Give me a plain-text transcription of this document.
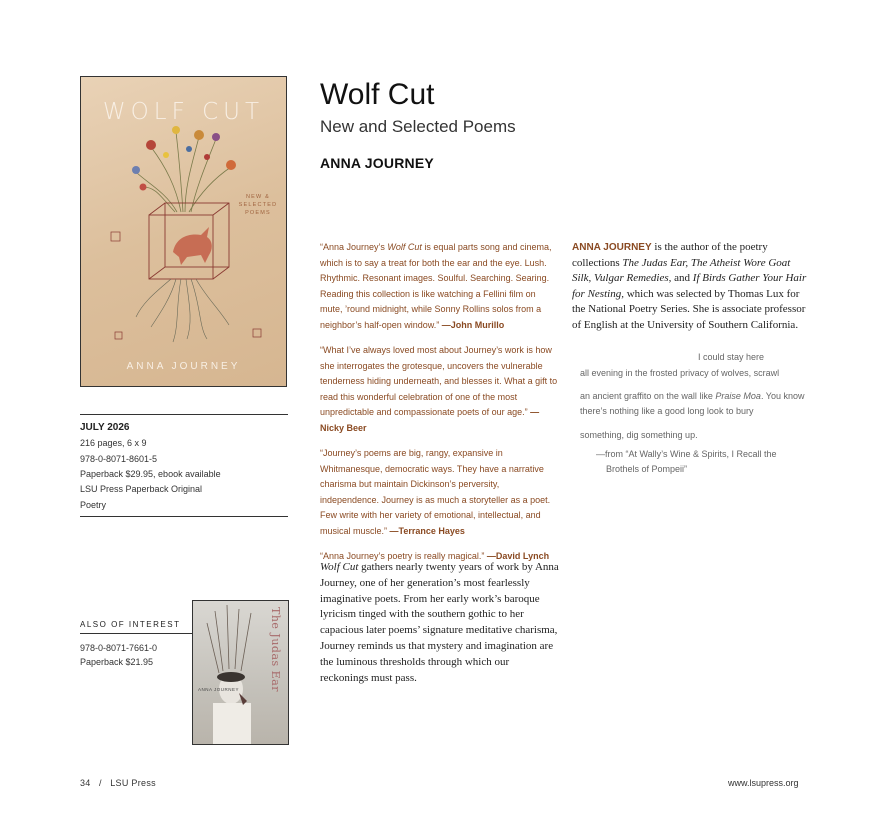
WOLF CUT
NEW &
SELECTED
POEMS
ANNA JOURNEY
JULY 2026
216 pages, 6 x 9
978-0-8071-8601-5
Paperback $29.95, ebook available
LSU Press Paperback Original
Poetry
ALSO OF INTEREST
978-0-8071-7661-0
Paperback $21.95	The Judas Ear
ANNA JOURNEY
Wolf Cut
New and Selected Poems
ANNA JOURNEY

“Anna Journey’s Wolf Cut is equal parts song and cinema, which is to say a treat for both the ear and the eye. Lush. Rhythmic. Resonant images. Soulful. Searching. Searing. Reading this collection is like watching a Fellini film on mute, ’round midnight, while Sonny Rollins solos from a neighbor’s half-open window.” —John Murillo

“What I’ve always loved most about Journey’s work is how she interrogates the grotesque, uncovers the vulnerable tenderness hiding underneath, and blesses it. What a gift to read this wonderful celebration of one of the most unpredictable and compassionate poets of our age.” —Nicky Beer

“Journey’s poems are big, rangy, expansive in Whitmanesque, democratic ways. They have a narrative charisma but maintain Dickinson’s perversity, independence. Journey is as much a storyteller as a poet. Few write with her variety of emotional, intellectual, and musical muscle.” —Terrance Hayes

“Anna Journey’s poetry is really magical.” —David Lynch

Wolf Cut gathers nearly twenty years of work by Anna Journey, one of her generation’s most fearlessly imaginative poets. From her early work’s baroque lyricism tinged with the southern gothic to her capacious later poems’ signature meditative charisma, Journey reminds us that mystery and imagination are the luminous thresholds through which our reckonings must pass.
ANNA JOURNEY is the author of the poetry collections The Judas Ear, The Atheist Wore Goat Silk, Vulgar Remedies, and If Birds Gather Your Hair for Nesting, which was selected by Thomas Lux for the National Poetry Series. She is associate professor of English at the University of Southern California.
I could stay here
all evening in the frosted privacy of wolves, scrawl
an ancient graffito on the wall like Praise Moa. You know
there’s nothing like a good long look to bury
something, dig something up.
—from “At Wally’s Wine & Spirits, I Recall the
Brothels of Pompeii”
34   /   LSU Press	www.lsupress.org
